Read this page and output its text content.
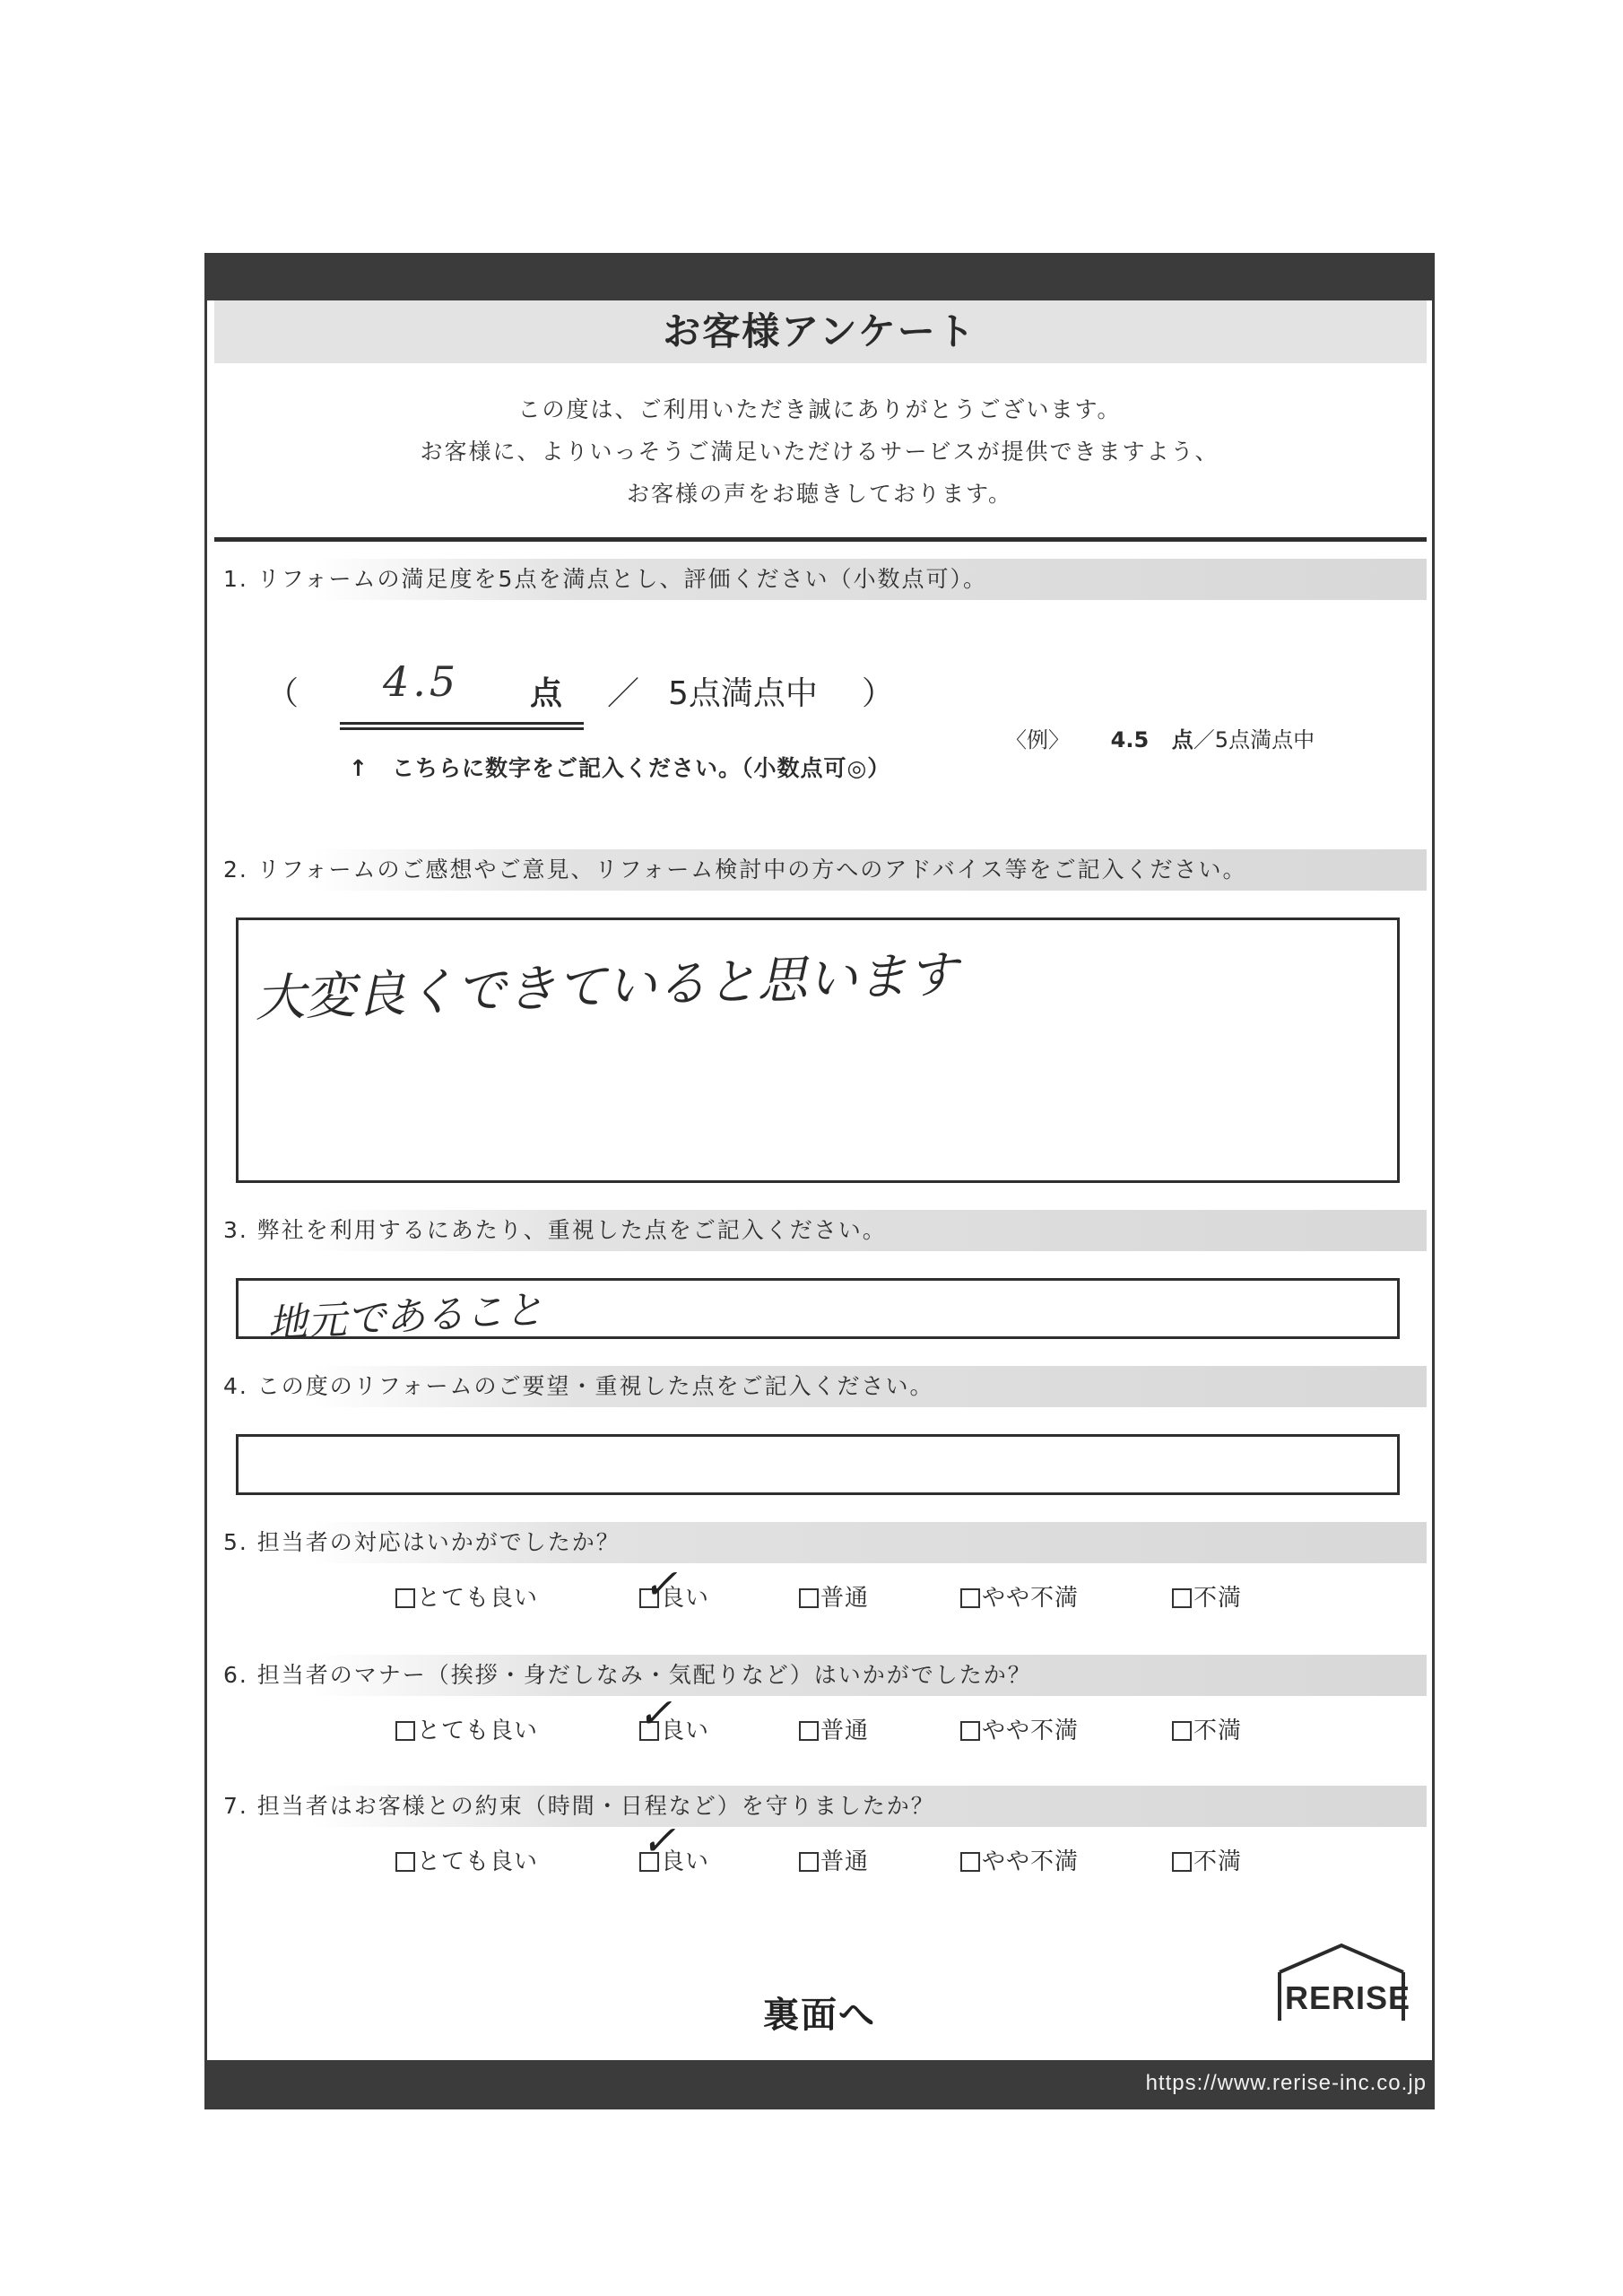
お客様アンケート
この度は、ご利用いただき誠にありがとうございます。
お客様に、よりいっそうご満足いただけるサービスが提供できますよう、
お客様の声をお聴きしております。
1. リフォームの満足度を5点を満点とし、評価ください（小数点可）。
（ 4.5 点 ／ 5点満点中 ）
↑　こちらに数字をご記入ください。（小数点可◎）
〈例〉 4.5 点／5点満点中
2. リフォームのご感想やご意見、リフォーム検討中の方へのアドバイス等をご記入ください。
大変良くできていると思います
3. 弊社を利用するにあたり、重視した点をご記入ください。
地元であること
4. この度のリフォームのご要望・重視した点をご記入ください。
5. 担当者の対応はいかがでしたか？
とても良い	良い	普通	やや不満	不満
✓
6. 担当者のマナー（挨拶・身だしなみ・気配りなど）はいかがでしたか？
とても良い	良い	普通	やや不満	不満
✓
7. 担当者はお客様との約束（時間・日程など）を守りましたか？
とても良い	良い	普通	やや不満	不満
✓
裏面へ	RERISE
https://www.rerise-inc.co.jp
